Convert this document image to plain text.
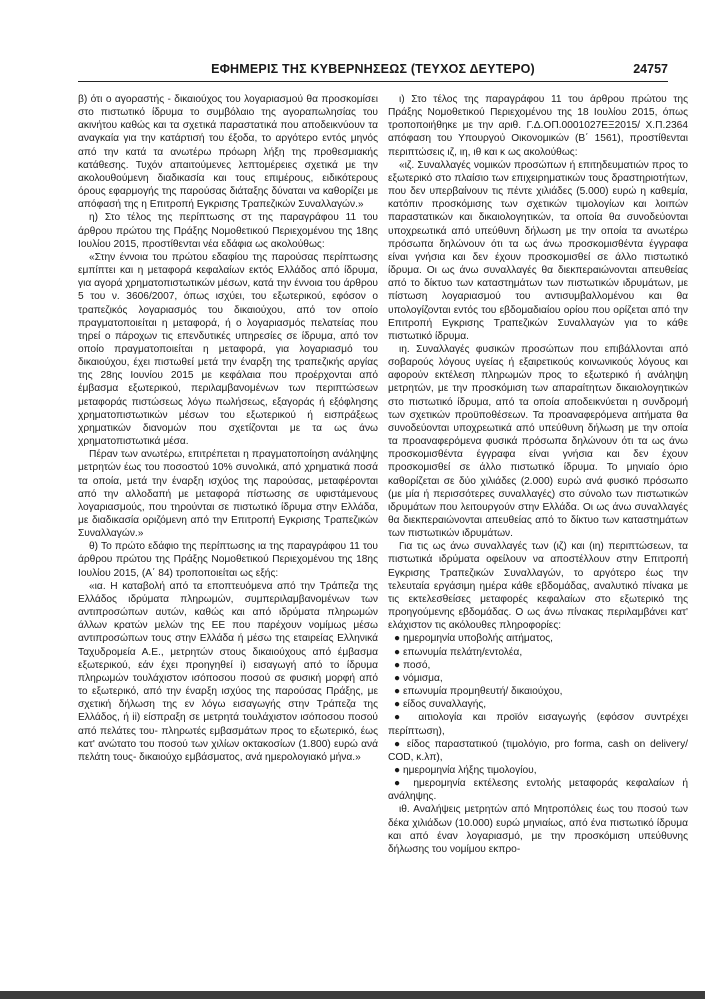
ΕΦΗΜΕΡΙΣ ΤΗΣ ΚΥΒΕΡΝΗΣΕΩΣ (ΤΕΥΧΟΣ ΔΕΥΤΕΡΟ)	24757

β) ότι ο αγοραστής - δικαιούχος του λογαριασμού θα προσκομίσει στο πιστωτικό ίδρυμα το συμβόλαιο της αγοραπωλησίας του ακινήτου καθώς και τα σχετικά παραστατικά που αποδεικνύουν τα αναγκαία για την κατάρτισή του έξοδα, το αργότερο εντός μηνός από την κατά τα ανωτέρω πρόωρη λήξη της προθεσμιακής κατάθεσης. Τυχόν απαιτούμενες λεπτομέρειες σχετικά με την ακολουθούμενη διαδικασία και τους επιμέρους, ειδικότερους όρους εφαρμογής της παρούσας διάταξης δύναται να καθορίζει με απόφασή της η Επιτροπή Εγκρισης Τραπεζικών Συναλλαγών.»

η) Στο τέλος της περίπτωσης στ της παραγράφου 11 του άρθρου πρώτου της Πράξης Νομοθετικού Περιεχομένου της 18ης Ιουλίου 2015, προστίθενται νέα εδάφια ως ακολούθως:

«Στην έννοια του πρώτου εδαφίου της παρούσας περίπτωσης εμπίπτει και η μεταφορά κεφαλαίων εκτός Ελλάδος από ίδρυμα, για αγορά χρηματοπιστωτικών μέσων, κατά την έννοια του άρθρου 5 του ν. 3606/2007, όπως ισχύει, του εξωτερικού, εφόσον ο τραπεζικός λογαριασμός του δικαιούχου, από τον οποίο πραγματοποιείται η μεταφορά, ή ο λογαριασμός πελατείας που τηρεί ο πάροχων τις επενδυτικές υπηρεσίες σε ίδρυμα, από τον οποίο πραγματοποιείται η μεταφορά, για λογαριασμό του δικαιούχου, έχει πιστωθεί μετά την έναρξη της τραπεζικής αργίας της 28ης Ιουνίου 2015 με κεφάλαια που προέρχονται από έμβασμα εξωτερικού, περιλαμβανομένων των περιπτώσεων μεταφοράς πιστώσεως λόγω πωλήσεως, εξαγοράς ή εξόφλησης χρηματοπιστωτικών μέσων του εξωτερικού ή εισπράξεως χρηματικών διανομών που σχετίζονται με τα ως άνω χρηματοπιστωτικά μέσα.

Πέραν των ανωτέρω, επιτρέπεται η πραγματοποίηση ανάληψης μετρητών έως του ποσοστού 10% συνολικά, από χρηματικά ποσά τα οποία, μετά την έναρξη ισχύος της παρούσας, μεταφέρονται από την αλλοδαπή με μεταφορά πίστωσης σε υφιστάμενους λογαριασμούς, που τηρούνται σε πιστωτικό ίδρυμα στην Ελλάδα, με διαδικασία οριζόμενη από την Επιτροπή Εγκρισης Τραπεζικών Συναλλαγών.»

θ) Το πρώτο εδάφιο της περίπτωσης ια της παραγράφου 11 του άρθρου πρώτου της Πράξης Νομοθετικού Περιεχομένου της 18ης Ιουλίου 2015, (Α΄ 84) τροποποιείται ως εξής:

«ια. Η καταβολή από τα εποπτευόμενα από την Τράπεζα της Ελλάδος ιδρύματα πληρωμών, συμπεριλαμβανομένων των αντιπροσώπων αυτών, καθώς και από ιδρύματα πληρωμών άλλων κρατών μελών της ΕΕ που παρέχουν νομίμως μέσω αντιπροσώπων τους στην Ελλάδα ή μέσω της εταιρείας Ελληνικά Ταχυδρομεία Α.Ε., μετρητών στους δικαιούχους από έμβασμα εξωτερικού, εάν έχει προηγηθεί i) εισαγωγή από το ίδρυμα πληρωμών τουλάχιστον ισόποσου ποσού σε φυσική μορφή από το εξωτερικό, από την έναρξη ισχύος της παρούσας Πράξης, με σχετική δήλωση της εν λόγω εισαγωγής στην Τράπεζα της Ελλάδος, ή ii) είσπραξη σε μετρητά τουλάχιστον ισόποσου ποσού από πελάτες του- πληρωτές εμβασμάτων προς το εξωτερικό, έως κατ' ανώτατο του ποσού των χιλίων οκτακοσίων (1.800) ευρώ ανά πελάτη τους- δικαιούχο εμβάσματος, ανά ημερολογιακό μήνα.»

ι) Στο τέλος της παραγράφου 11 του άρθρου πρώτου της Πράξης Νομοθετικού Περιεχομένου της 18 Ιουλίου 2015, όπως τροποποιήθηκε με την αριθ. Γ.Δ.ΟΠ.0001027ΕΞ2015/ Χ.Π.2364 απόφαση του Υπουργού Οικονομικών (Β΄ 1561), προστίθενται περιπτώσεις ιζ, ιη, ιθ και κ ως ακολούθως:

«ιζ. Συναλλαγές νομικών προσώπων ή επιτηδευματιών προς το εξωτερικό στο πλαίσιο των επιχειρηματικών τους δραστηριοτήτων, που δεν υπερβαίνουν τις πέντε χιλιάδες (5.000) ευρώ η καθεμία, κατόπιν προσκόμισης των σχετικών τιμολογίων και λοιπών παραστατικών και δικαιολογητικών, τα οποία θα συνοδεύονται υποχρεωτικά από υπεύθυνη δήλωση με την οποία τα ανωτέρω πρόσωπα δηλώνουν ότι τα ως άνω προσκομισθέντα έγγραφα είναι γνήσια και δεν έχουν προσκομισθεί σε άλλο πιστωτικό ίδρυμα. Οι ως άνω συναλλαγές θα διεκπεραιώνονται απευθείας από το δίκτυο των καταστημάτων των πιστωτικών ιδρυμάτων, με πίστωση λογαριασμού του αντισυμβαλλομένου και θα υπολογίζονται εντός του εβδομαδιαίου ορίου που ορίζεται από την Επιτροπή Εγκρισης Τραπεζικών Συναλλαγών για το κάθε πιστωτικό ίδρυμα.

ιη. Συναλλαγές φυσικών προσώπων που επιβάλλονται από σοβαρούς λόγους υγείας ή εξαιρετικούς κοινωνικούς λόγους και αφορούν εκτέλεση πληρωμών προς το εξωτερικό ή ανάληψη μετρητών, με την προσκόμιση των απαραίτητων δικαιολογητικών στο πιστωτικό ίδρυμα, από τα οποία αποδεικνύεται η συνδρομή των σχετικών προϋποθέσεων. Τα προαναφερόμενα αιτήματα θα συνοδεύονται υποχρεωτικά από υπεύθυνη δήλωση με την οποία τα προαναφερόμενα φυσικά πρόσωπα δηλώνουν ότι τα ως άνω προσκομισθέντα έγγραφα είναι γνήσια και δεν έχουν προσκομισθεί σε άλλο πιστωτικό ίδρυμα. Το μηνιαίο όριο καθορίζεται σε δύο χιλιάδες (2.000) ευρώ ανά φυσικό πρόσωπο (με μία ή περισσότερες συναλλαγές) στο σύνολο των πιστωτικών ιδρυμάτων που λειτουργούν στην Ελλάδα. Οι ως άνω συναλλαγές θα διεκπεραιώνονται απευθείας από το δίκτυο των καταστημάτων των πιστωτικών ιδρυμάτων.

Για τις ως άνω συναλλαγές των (ιζ) και (ιη) περιπτώσεων, τα πιστωτικά ιδρύματα οφείλουν να αποστέλλουν στην Επιτροπή Εγκρισης Τραπεζικών Συναλλαγών, το αργότερο έως την τελευταία εργάσιμη ημέρα κάθε εβδομάδας, αναλυτικό πίνακα με τις εκτελεσθείσες μεταφορές κεφαλαίων στο εξωτερικό της προηγούμενης εβδομάδας. Ο ως άνω πίνακας περιλαμβάνει κατ' ελάχιστον τις ακόλουθες πληροφορίες:

● ημερομηνία υποβολής αιτήματος,

● επωνυμία πελάτη/εντολέα,

● ποσό,

● νόμισμα,

● επωνυμία προμηθευτή/ δικαιούχου,

● είδος συναλλαγής,

● αιτιολογία και προϊόν εισαγωγής (εφόσον συντρέχει περίπτωση),

● είδος παραστατικού (τιμολόγιο, pro forma, cash on delivery/ COD, κ.λπ),

● ημερομηνία λήξης τιμολογίου,

● ημερομηνία εκτέλεσης εντολής μεταφοράς κεφαλαίων ή ανάληψης.

ιθ. Αναλήψεις μετρητών από Μητροπόλεις έως του ποσού των δέκα χιλιάδων (10.000) ευρώ μηνιαίως, από ένα πιστωτικό ίδρυμα και από έναν λογαριασμό, με την προσκόμιση υπεύθυνης δήλωσης του νομίμου εκπρο-
